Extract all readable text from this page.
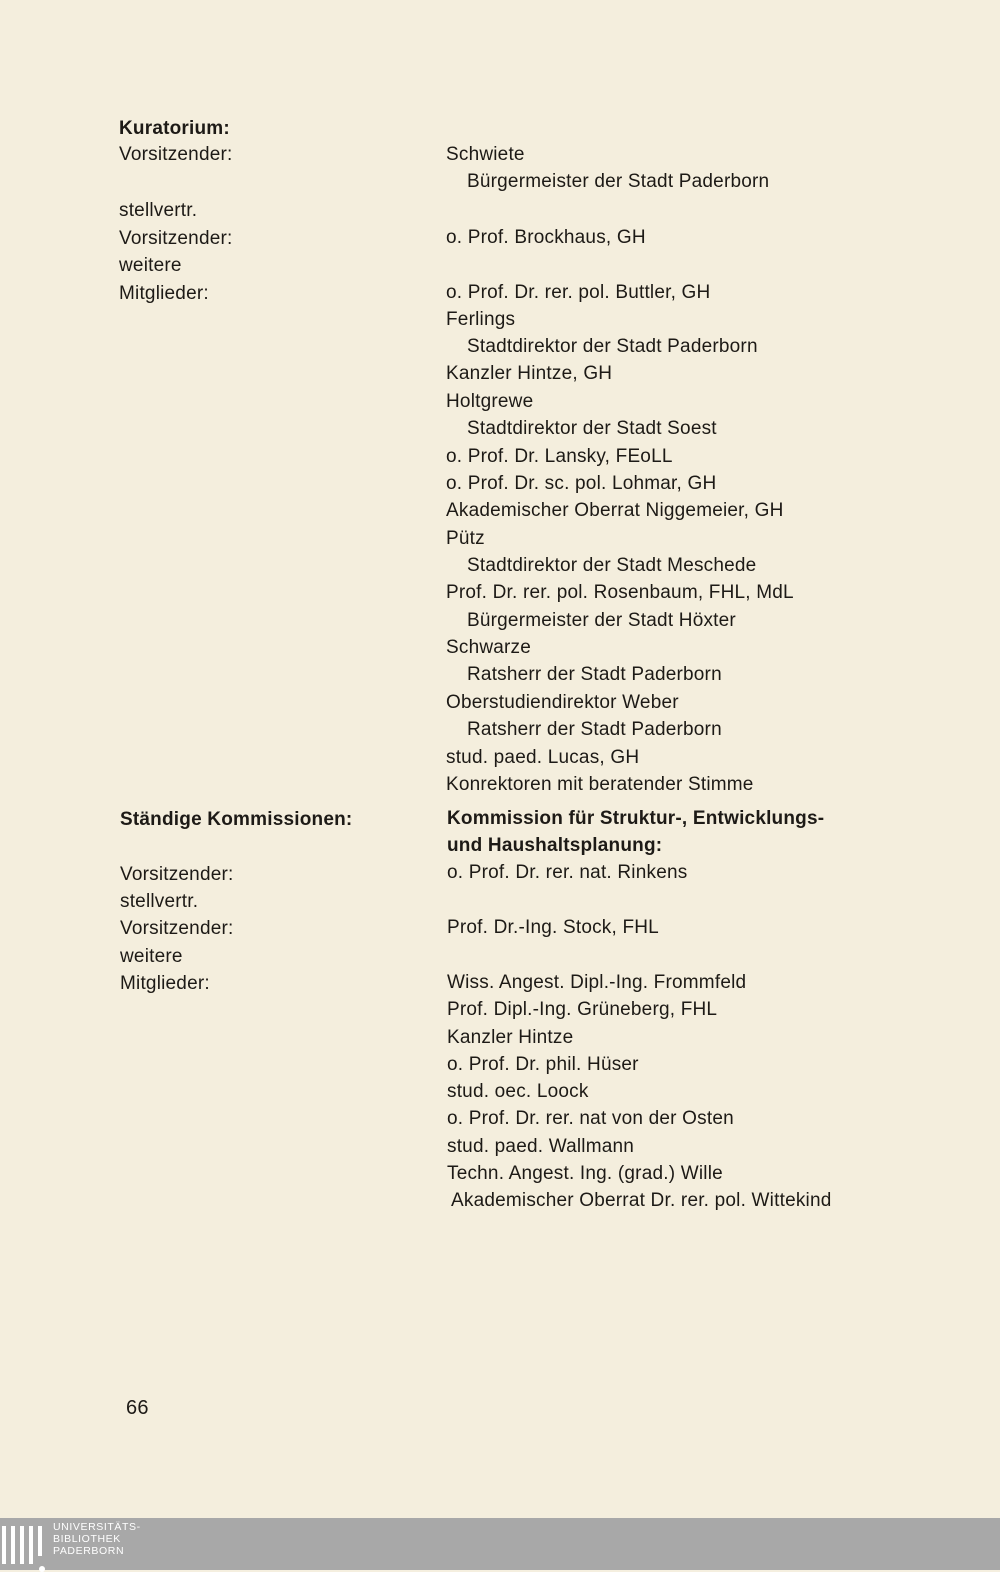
Kuratorium:
Vorsitzender:
stellvertr.
Vorsitzender:
weitere
Mitglieder:
Schwiete
Bürgermeister der Stadt Paderborn
o. Prof. Brockhaus, GH
o. Prof. Dr. rer. pol. Buttler, GH
Ferlings
Stadtdirektor der Stadt Paderborn
Kanzler Hintze, GH
Holtgrewe
Stadtdirektor der Stadt Soest
o. Prof. Dr. Lansky, FEoLL
o. Prof. Dr. sc. pol. Lohmar, GH
Akademischer Oberrat Niggemeier, GH
Pütz
Stadtdirektor der Stadt Meschede
Prof. Dr. rer. pol. Rosenbaum, FHL, MdL
Bürgermeister der Stadt Höxter
Schwarze
Ratsherr der Stadt Paderborn
Oberstudiendirektor Weber
Ratsherr der Stadt Paderborn
stud. paed. Lucas, GH
Konrektoren mit beratender Stimme
Ständige Kommissionen:	Kommission für Struktur-, Entwicklungs-
und Haushaltsplanung:
Vorsitzender:
stellvertr.
Vorsitzender:
weitere
Mitglieder:
o. Prof. Dr. rer. nat. Rinkens
Prof. Dr.-Ing. Stock, FHL
Wiss. Angest. Dipl.-Ing. Frommfeld
Prof. Dipl.-Ing. Grüneberg, FHL
Kanzler Hintze
o. Prof. Dr. phil. Hüser
stud. oec. Loock
o. Prof. Dr. rer. nat von der Osten
stud. paed. Wallmann
Techn. Angest. Ing. (grad.) Wille
Akademischer Oberrat Dr. rer. pol. Wittekind
66
UNIVERSITÄTS-
BIBLIOTHEK
PADERBORN
